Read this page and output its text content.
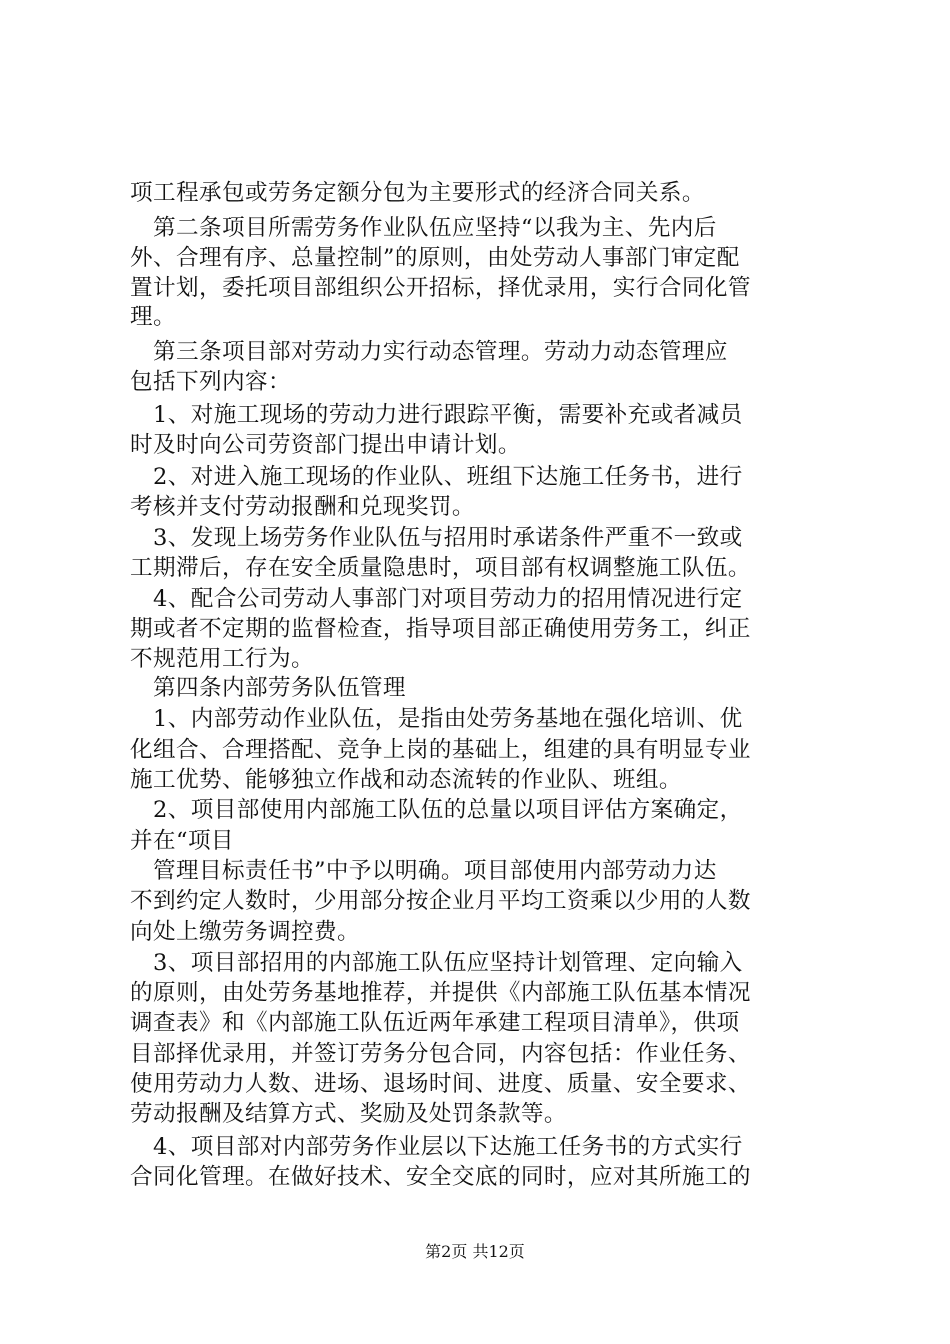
项工程承包或劳务定额分包为主要形式的经济合同关系。
　第二条项目所需劳务作业队伍应坚持“以我为主、先内后
外、合理有序、总量控制”的原则，由处劳动人事部门审定配
置计划，委托项目部组织公开招标，择优录用，实行合同化管
理。
　第三条项目部对劳动力实行动态管理。劳动力动态管理应
包括下列内容：
　1、对施工现场的劳动力进行跟踪平衡，需要补充或者减员
时及时向公司劳资部门提出申请计划。
　2、对进入施工现场的作业队、班组下达施工任务书，进行
考核并支付劳动报酬和兑现奖罚。
　3、发现上场劳务作业队伍与招用时承诺条件严重不一致或
工期滞后，存在安全质量隐患时，项目部有权调整施工队伍。
　4、配合公司劳动人事部门对项目劳动力的招用情况进行定
期或者不定期的监督检查，指导项目部正确使用劳务工，纠正
不规范用工行为。
　第四条内部劳务队伍管理
　1、内部劳动作业队伍，是指由处劳务基地在强化培训、优
化组合、合理搭配、竞争上岗的基础上，组建的具有明显专业
施工优势、能够独立作战和动态流转的作业队、班组。
　2、项目部使用内部施工队伍的总量以项目评估方案确定，
并在“项目
　管理目标责任书”中予以明确。项目部使用内部劳动力达
不到约定人数时，少用部分按企业月平均工资乘以少用的人数
向处上缴劳务调控费。
　3、项目部招用的内部施工队伍应坚持计划管理、定向输入
的原则，由处劳务基地推荐，并提供《内部施工队伍基本情况
调查表》和《内部施工队伍近两年承建工程项目清单》，供项
目部择优录用，并签订劳务分包合同，内容包括：作业任务、
使用劳动力人数、进场、退场时间、进度、质量、安全要求、
劳动报酬及结算方式、奖励及处罚条款等。
　4、项目部对内部劳务作业层以下达施工任务书的方式实行
合同化管理。在做好技术、安全交底的同时，应对其所施工的
第2页 共12页
